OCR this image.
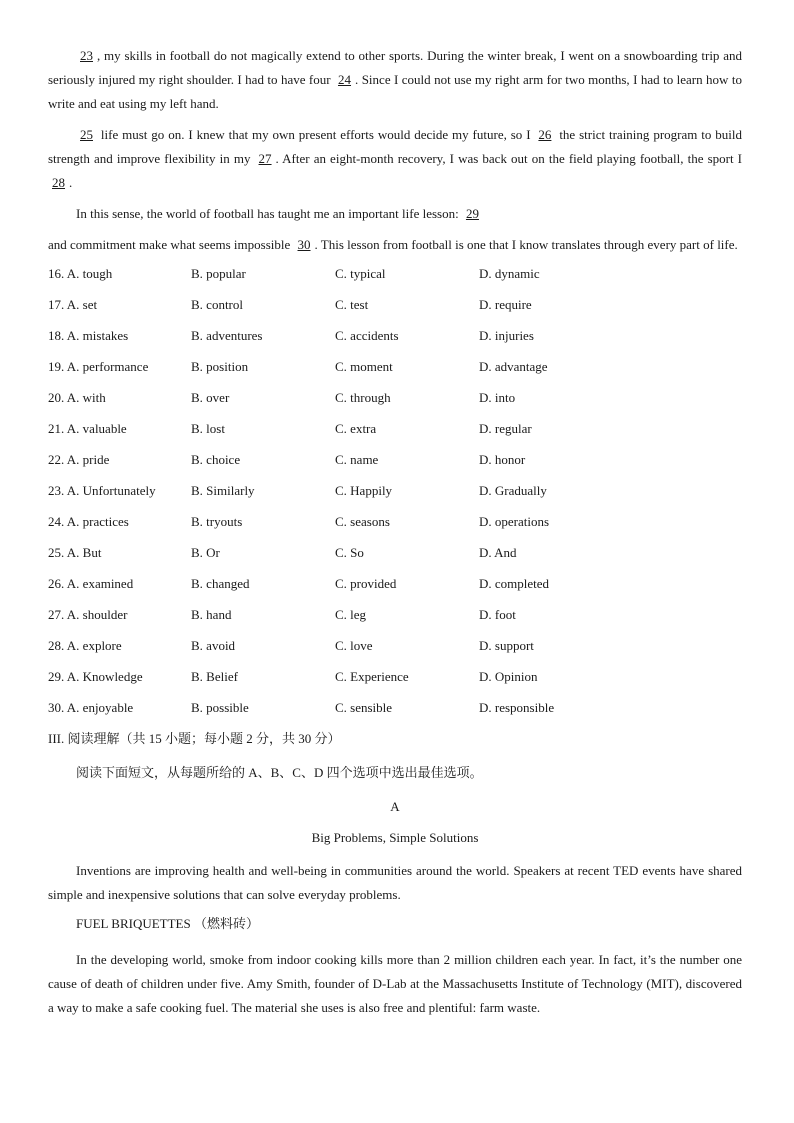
23 , my skills in football do not magically extend to other sports. During the winter break, I went on a snowboarding trip and seriously injured my right shoulder. I had to have four 24 . Since I could not use my right arm for two months, I had to learn how to write and eat using my left hand.

25 life must go on. I knew that my own present efforts would decide my future, so I 26 the strict training program to build strength and improve flexibility in my 27 . After an eight-month recovery, I was back out on the field playing football, the sport I 28 .

In this sense, the world of football has taught me an important life lesson: 29

and commitment make what seems impossible 30 . This lesson from football is one that I know translates through every part of life.

16. A. tough	B. popular	C. typical	D. dynamic
17. A. set	B. control	C. test	D. require
18. A. mistakes	B. adventures	C. accidents	D. injuries
19. A. performance	B. position	C. moment	D. advantage
20. A. with	B. over	C. through	D. into
21. A. valuable	B. lost	C. extra	D. regular
22. A. pride	B. choice	C. name	D. honor
23. A. Unfortunately	B. Similarly	C. Happily	D. Gradually
24. A. practices	B. tryouts	C. seasons	D. operations
25. A. But	B. Or	C. So	D. And
26. A. examined	B. changed	C. provided	D. completed
27. A. shoulder	B. hand	C. leg	D. foot
28. A. explore	B. avoid	C. love	D. support
29. A. Knowledge	B. Belief	C. Experience	D. Opinion
30. A. enjoyable	B. possible	C. sensible	D. responsible
III. 阅读理解（共 15 小题；每小题 2 分，共 30 分）
阅读下面短文，从每题所给的 A、B、C、D 四个选项中选出最佳选项。
A
Big Problems, Simple Solutions

Inventions are improving health and well-being in communities around the world. Speakers at recent TED events have shared simple and inexpensive solutions that can solve everyday problems.

FUEL BRIQUETTES （燃料砖）

In the developing world, smoke from indoor cooking kills more than 2 million children each year. In fact, it’s the number one cause of death of children under five. Amy Smith, founder of D-Lab at the Massachusetts Institute of Technology (MIT), discovered a way to make a safe cooking fuel. The material she uses is also free and plentiful: farm waste.
